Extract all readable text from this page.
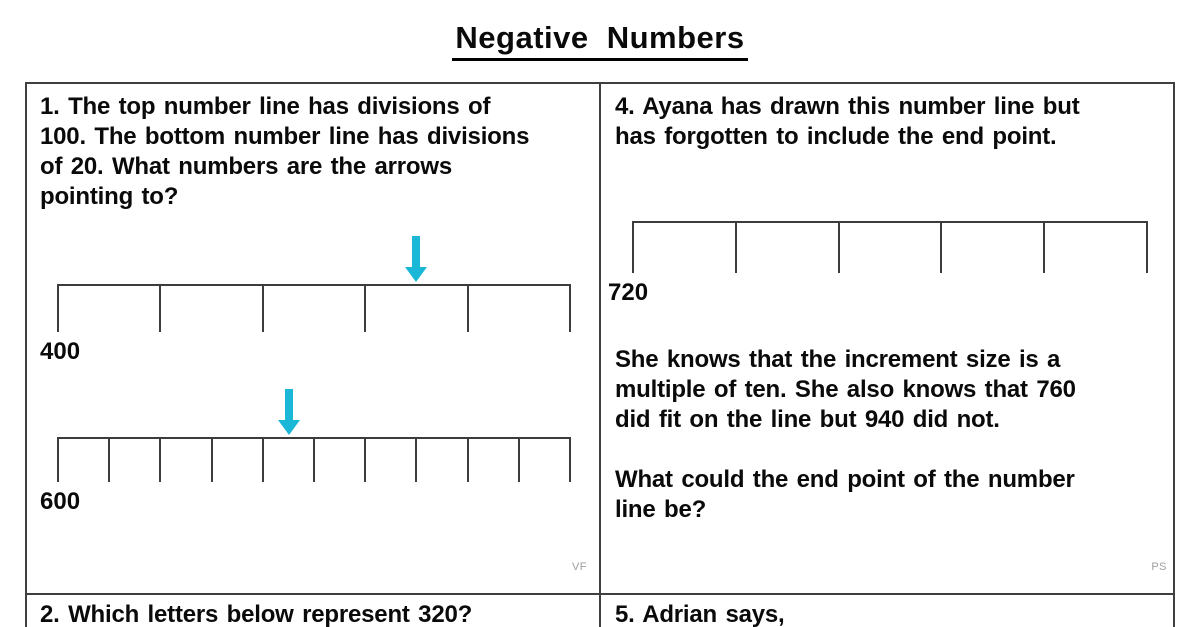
Negative Numbers
1. The top number line has divisions of
100. The bottom number line has divisions
of 20. What numbers are the arrows
pointing to?
400
600
VF
4. Ayana has drawn this number line but
has forgotten to include the end point.
720
She knows that the increment size is a
multiple of ten. She also knows that 760
did fit on the line but 940 did not.
What could the end point of the number
line be?
PS
2. Which letters below represent 320?	5. Adrian says,
